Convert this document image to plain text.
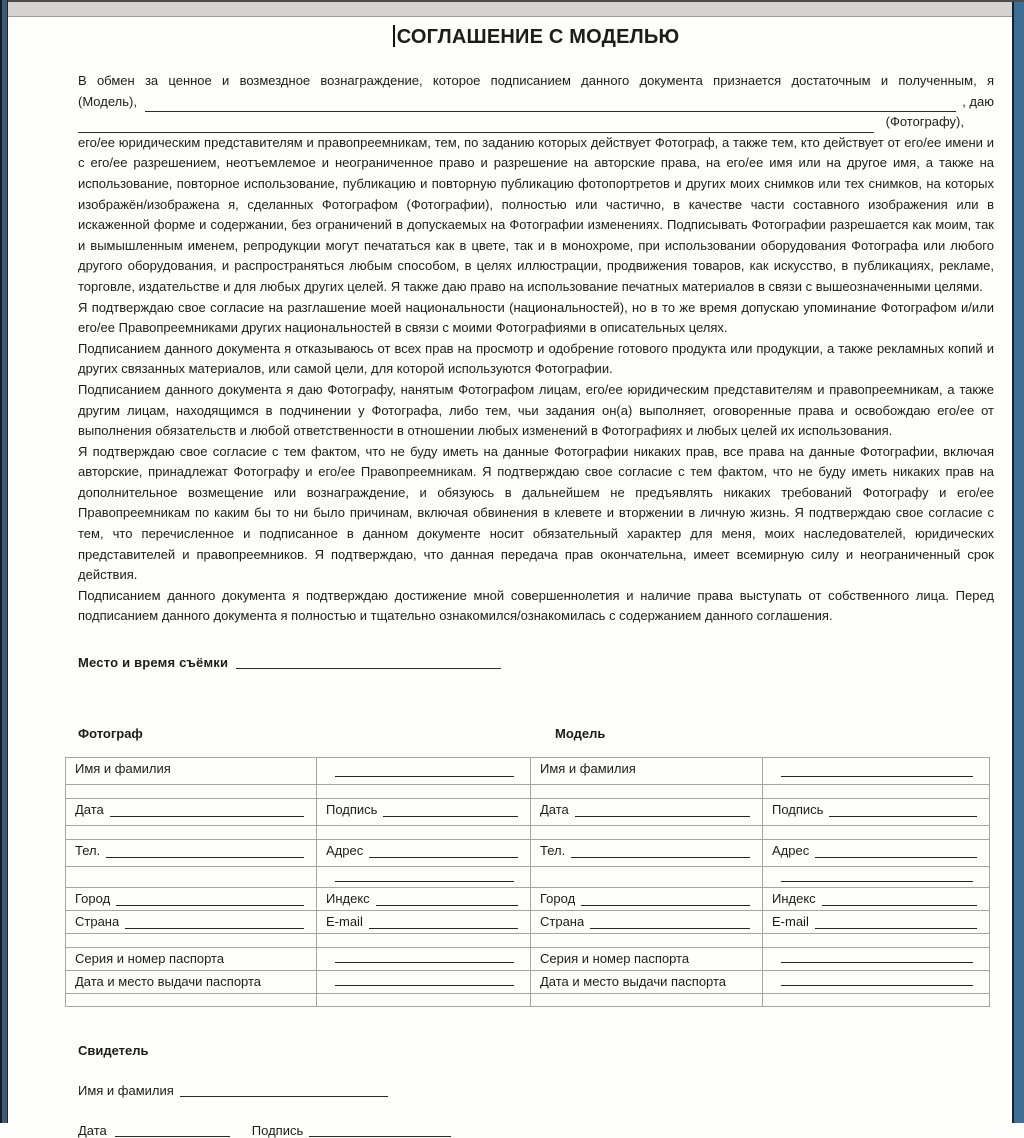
СОГЛАШЕНИЕ С МОДЕЛЬЮ

В обмен за ценное и возмездное вознаграждение, которое подписанием данного документа признается достаточным и полученным, я

(Модель),	, даю
(Фотографу),

его/ее юридическим представителям и правопреемникам, тем, по заданию которых действует Фотограф, а также тем, кто действует от его/ее имени и с его/ее разрешением, неотъемлемое и неограниченное право и разрешение на авторские права, на его/ее имя или на другое имя, а также на использование, повторное использование, публикацию и повторную публикацию фотопортретов и других моих снимков или тех снимков, на которых изображён/изображена я, сделанных Фотографом (Фотографии), полностью или частично, в качестве части составного изображения или в искаженной форме и содержании, без ограничений в допускаемых на Фотографии изменениях. Подписывать Фотографии разрешается как моим, так и вымышленным именем, репродукции могут печататься как в цвете, так и в монохроме, при использовании оборудования Фотографа или любого другого оборудования, и распространяться любым способом, в целях иллюстрации, продвижения товаров, как искусство, в публикациях, рекламе, торговле, издательстве и для любых других целей. Я также даю право на использование печатных материалов в связи с вышеозначенными целями.

Я подтверждаю свое согласие на разглашение моей национальности (национальностей), но в то же время допускаю упоминание Фотографом и/или его/ее Правопреемниками других национальностей в связи с моими Фотографиями в описательных целях.

Подписанием данного документа я отказываюсь от всех прав на просмотр и одобрение готового продукта или продукции, а также рекламных копий и других связанных материалов, или самой цели, для которой используются Фотографии.

Подписанием данного документа я даю Фотографу, нанятым Фотографом лицам, его/ее юридическим представителям и правопреемникам, а также другим лицам, находящимся в подчинении у Фотографа, либо тем, чьи задания он(а) выполняет, оговоренные права и освобождаю его/ее от выполнения обязательств и любой ответственности в отношении любых изменений в Фотографиях и любых целей их использования.

Я подтверждаю свое согласие с тем фактом, что не буду иметь на данные Фотографии никаких прав, все права на данные Фотографии, включая авторские, принадлежат Фотографу и его/ее Правопреемникам. Я подтверждаю свое согласие с тем фактом, что не буду иметь никаких прав на дополнительное возмещение или вознаграждение, и обязуюсь в дальнейшем не предъявлять никаких требований Фотографу и его/ее Правопреемникам по каким бы то ни было причинам, включая обвинения в клевете и вторжении в личную жизнь. Я подтверждаю свое согласие с тем, что перечисленное и подписанное в данном документе носит обязательный характер для меня, моих наследователей, юридических представителей и правопреемников. Я подтверждаю, что данная передача прав окончательна, имеет всемирную силу и неограниченный срок действия.

Подписанием данного документа я подтверждаю достижение мной совершеннолетия и наличие права выступать от собственного лица. Перед подписанием данного документа я полностью и тщательно ознакомился/ознакомилась с содержанием данного соглашения.

Место и время съёмки
Фотограф	Модель
Имя и фамилия		Имя и фамилия	

Дата	Подпись	Дата	Подпись

Тел.	Адрес	Тел.	Адрес

Город	Индекс	Город	Индекс

Страна	E-mail	Страна	E-mail

Серия и номер паспорта		Серия и номер паспорта	

Дата и место выдачи паспорта		Дата и место выдачи паспорта	

Свидетель
Имя и фамилия
Дата	Подпись
